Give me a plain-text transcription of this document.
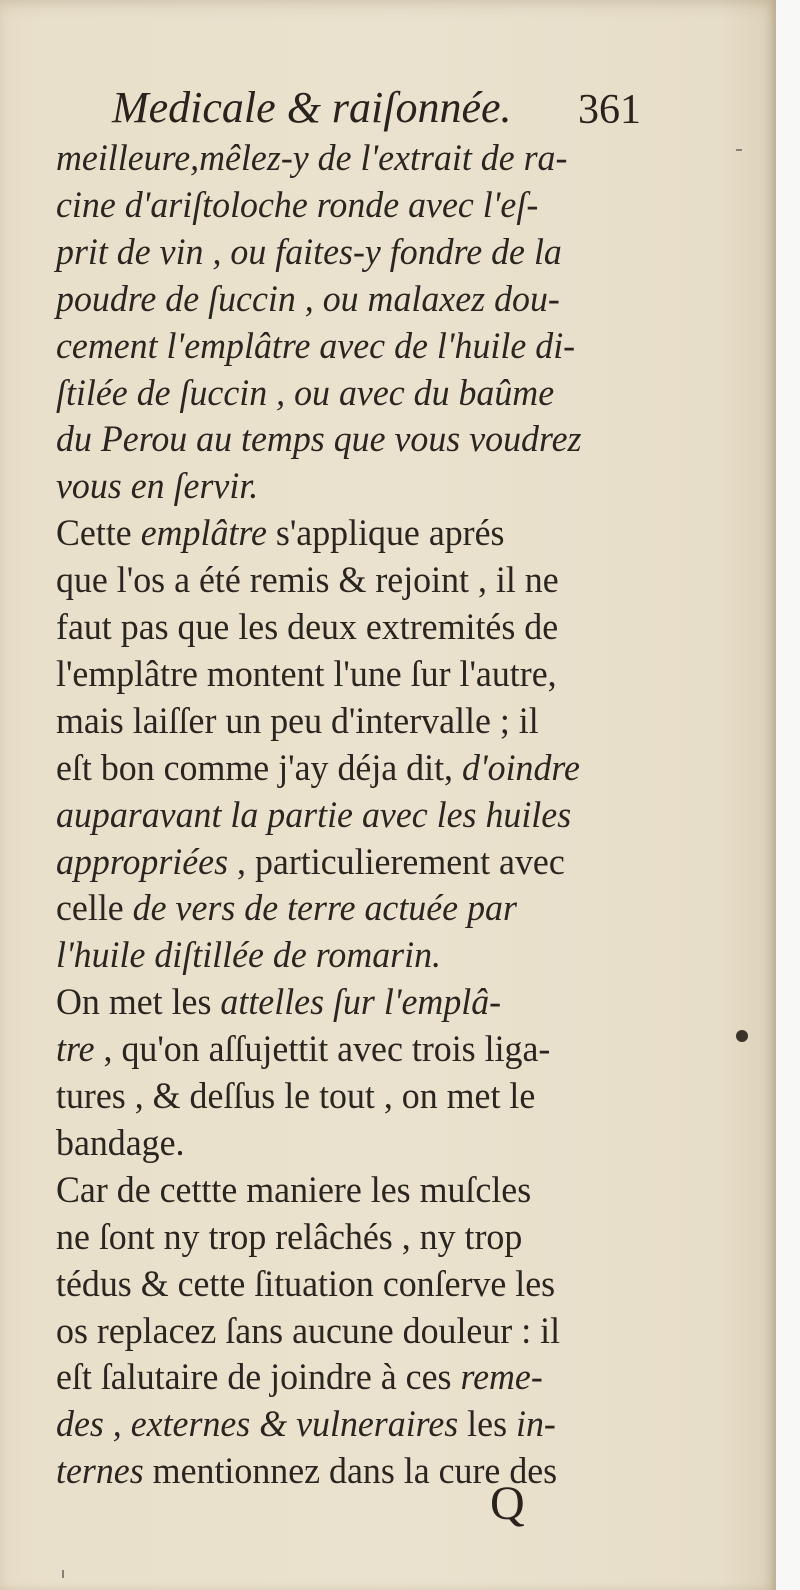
Medicale & raiſonnée. 361
meilleure,mêlez-y de l'extrait de ra-
cine d'ariſtoloche ronde avec l'eſ-
prit de vin , ou faites-y fondre de la
poudre de ſuccin , ou malaxez dou-
cement l'emplâtre avec de l'huile di-
ſtilée de ſuccin , ou avec du baûme
du Perou au temps que vous voudrez
vous en ſervir.
Cette emplâtre s'applique aprés
que l'os a été remis & rejoint , il ne
faut pas que les deux extremités de
l'emplâtre montent l'une ſur l'autre,
mais laiſſer un peu d'intervalle ; il
eſt bon comme j'ay déja dit, d'oindre
auparavant la partie avec les huiles
appropriées , particulierement avec
celle de vers de terre actuée par
l'huile diſtillée de romarin.
On met les attelles ſur l'emplâ-
tre , qu'on aſſujettit avec trois liga-
tures , & deſſus le tout , on met le
bandage.
Car de cettte maniere les muſcles
ne ſont ny trop relâchés , ny trop
tédus & cette ſituation conſerve les
os replacez ſans aucune douleur : il
eſt ſalutaire de joindre à ces reme-
des , externes & vulneraires les in-
ternes mentionnez dans la cure des
Q
